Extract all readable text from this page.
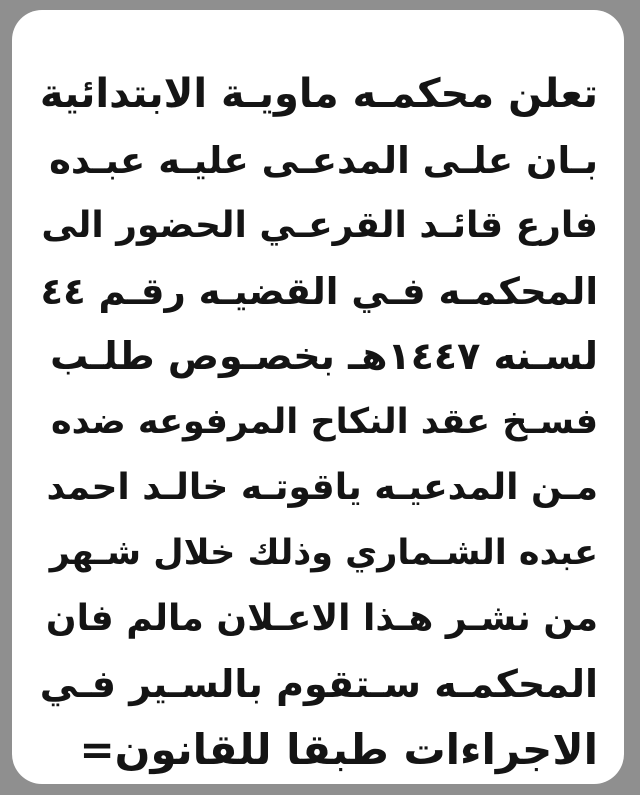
تعلن محكمـه ماويـة الابتدائية
بـان علـى المدعـى عليـه عبـده
فارع قائـد القرعـي الحضور الى
المحكمـه فـي القضيـه رقـم ٤٤
لسـنه ١٤٤٧هـ بخصـوص طلـب
فسـخ عقد النكاح المرفوعه ضده
مـن المدعيـه ياقوتـه خالـد احمد
عبده الشـماري وذلك خلال شـهر
من نشـر هـذا الاعـلان مالم فان
المحكمـه سـتقوم بالسـير فـي
الاجراءات طبقا للقانون=
